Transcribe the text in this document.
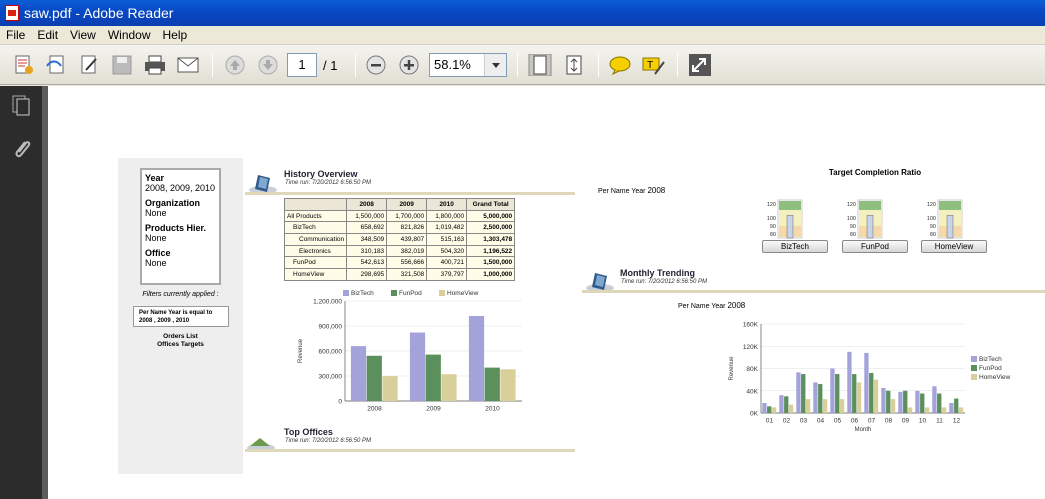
saw.pdf - Adobe Reader
File Edit View Window Help
1	/ 1	58.1%	T
Year
2008, 2009, 2010
Organization
None
Products Hier.
None
Office
None
Filters currently applied :
Per Name Year is equal to
2008 , 2009 , 2010
Orders List
Offices Targets
History Overview
Time run: 7/20/2012 6:56:50 PM
	2008	2009	2010	Grand Total
All Products	1,500,000	1,700,000	1,800,000	5,000,000
BizTech	658,692	821,826	1,019,482	2,500,000
Communication	348,509	439,807	515,163	1,303,478
Electronics	310,183	382,019	504,320	1,196,522
FunPod	542,613	556,666	400,721	1,500,000
HomeView	298,695	321,508	379,797	1,000,000
0
300,000
600,000
900,000
1,200,000
2008	2009	2010
Revenue
BizTech	FunPod	HomeView
Top Offices
Time run: 7/20/2012 6:56:50 PM
Target Completion Ratio
Per Name Year 2008
120
100
90
80
120
100
90
80
120
100
90
80
BizTech	FunPod	HomeView
Monthly Trending
Time run: 7/20/2012 6:56:50 PM
Per Name Year 2008
0K
40K
80K
120K
160K
01 02 03 04 05 06 07 08 09 10 11 12
Revenue
Month
BizTech
FunPod
HomeView
